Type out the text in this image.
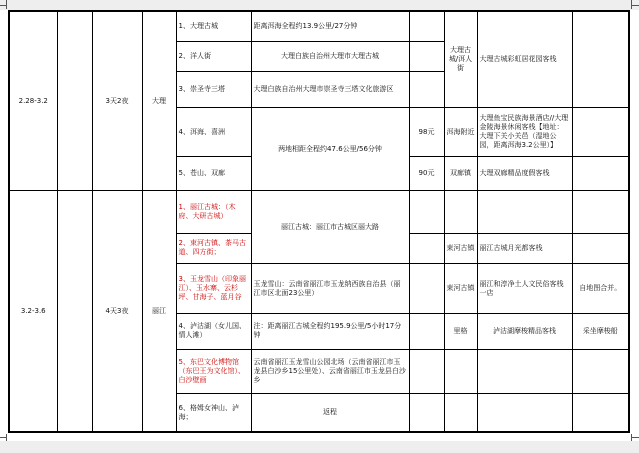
2.28-3.2		3天2夜	大理	1、大理古城	距离洱海全程约13.9公里/27分钟		大理古城/洱人街	大理古城彩虹居花园客栈	
				2、洋人街	大理白族自治州大理市大理古城				
				3、崇圣寺三塔	大理白族自治州大理市崇圣寺三塔文化旅游区				
				4、洱海、喜洲	两地相距全程约47.6公里/56分钟	98元	洱海附近	大理鱼宝民族海景酒店//大理金陵海景休闲客栈【地址：大理下关小关邑（湿地公园，距离洱海3.2公里）】	
				5、苍山、双廊		90元	双廊镇	大理双廊精品度假客栈	
3.2-3.6		4天3夜	丽江	1、丽江古城：（木府、大研古城）	丽江古城：丽江市古城区丽大路				
				2、束河古镇、茶马古道、四方街；			束河古镇	丽江古城月光都客栈	
				3、玉龙雪山（印象丽江）、玉水寨、云杉坪、甘海子、蓝月谷	玉龙雪山：云南省丽江市玉龙纳西族自治县（丽江市区北面23公里）		束河古镇	丽江和淳净土人文民俗客栈一店	自地图合并。
				4、泸沽湖（女儿国、情人滩）	注：距离丽江古城全程约195.9公里/5小时17分钟		里格	泸沽湖摩梭精品客栈	采坐摩梭船
				5、东巴文化博物馆（东巴王为文化馆）、白沙壁画	云南省丽江玉龙雪山公园北场（云南省丽江市玉龙县白沙乡15公里处）、云南省丽江市玉龙县白沙乡				
				6、格姆女神山、泸海；	返程				
